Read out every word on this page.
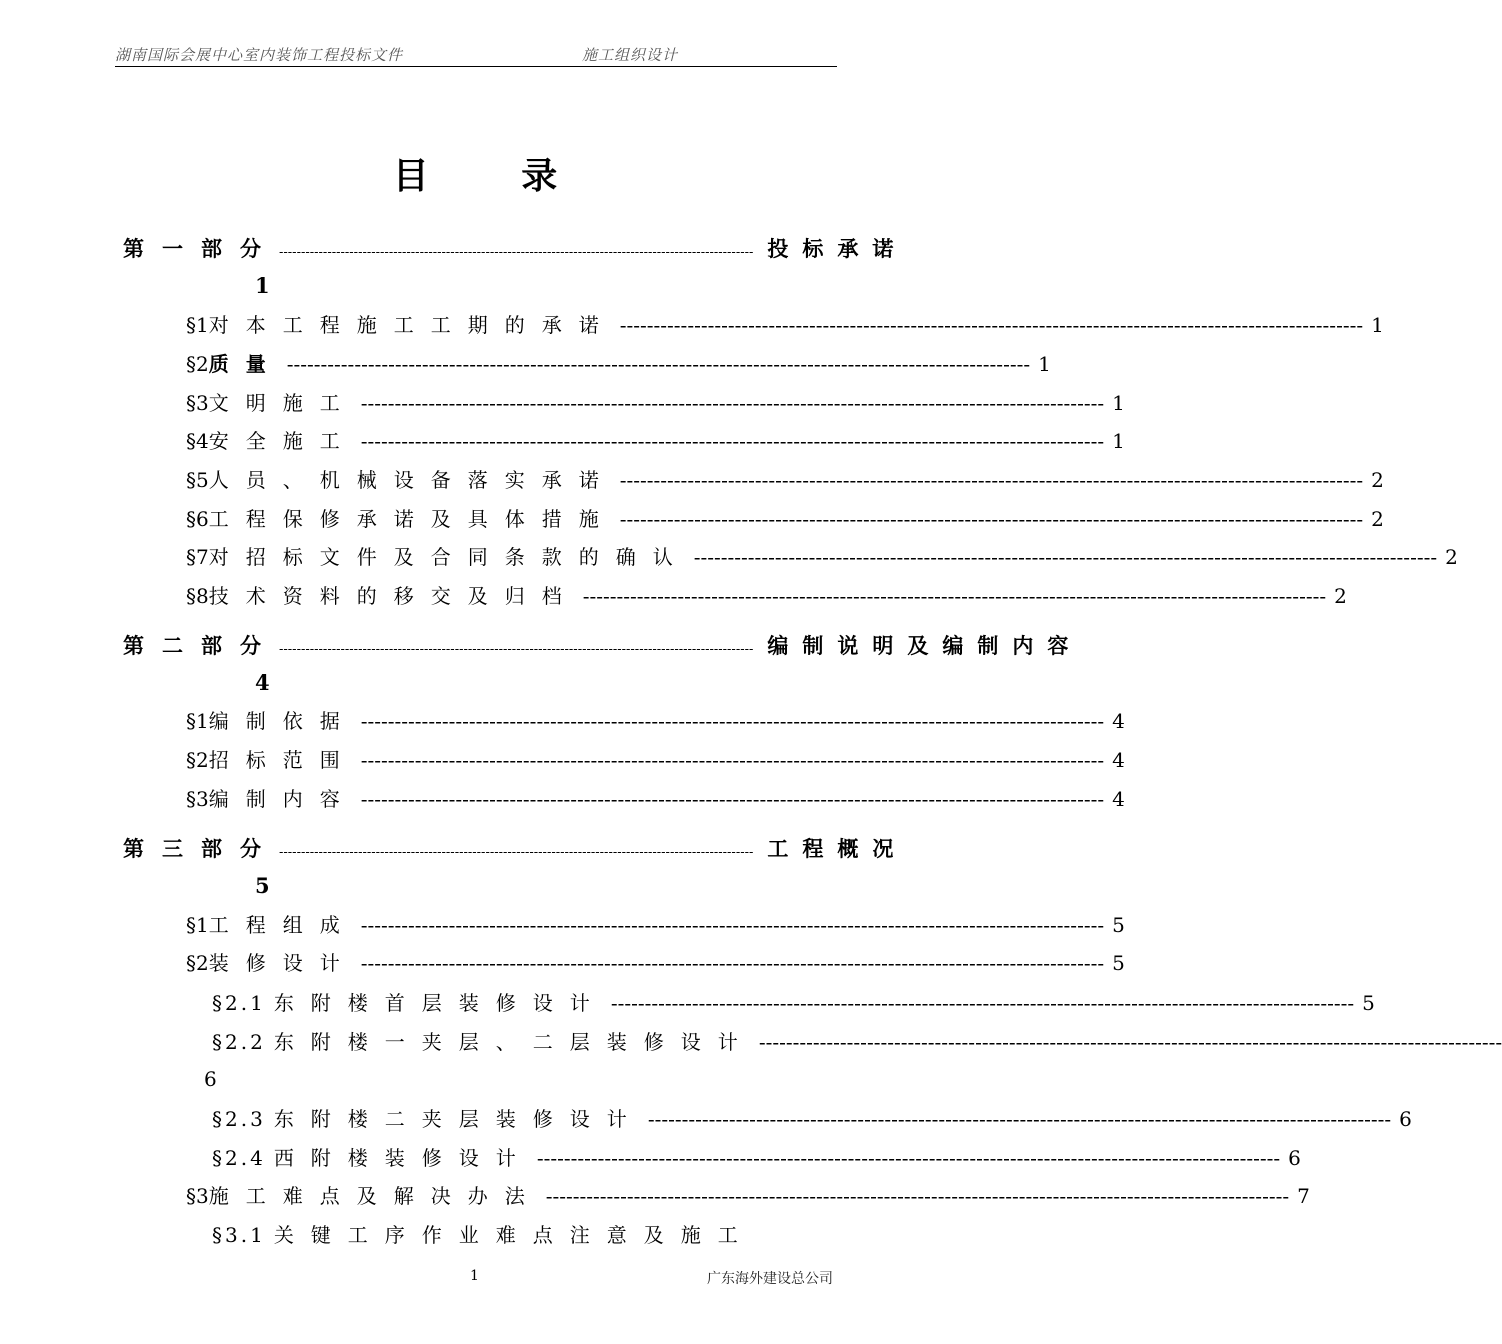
湖南国际会展中心室内装饰工程投标文件	施工组织设计
目 录
第一部分 ------------------------------------------------------------------------------------------------------------ 投标承诺
1
§1 对本工程施工工期的承诺 -------------------------------------------------------------------------------------------------------------- 1
§2 质量 -------------------------------------------------------------------------------------------------------------- 1
§3 文明施工 -------------------------------------------------------------------------------------------------------------- 1
§4 安全施工 -------------------------------------------------------------------------------------------------------------- 1
§5 人员、机械设备落实承诺 -------------------------------------------------------------------------------------------------------------- 2
§6 工程保修承诺及具体措施 -------------------------------------------------------------------------------------------------------------- 2
§7 对招标文件及合同条款的确认 -------------------------------------------------------------------------------------------------------------- 2
§8 技术资料的移交及归档 -------------------------------------------------------------------------------------------------------------- 2
第二部分 ------------------------------------------------------------------------------------------------------------ 编制说明及编制内容
4
§1 编制依据 -------------------------------------------------------------------------------------------------------------- 4
§2 招标范围 -------------------------------------------------------------------------------------------------------------- 4
§3 编制内容 -------------------------------------------------------------------------------------------------------------- 4
第三部分 ------------------------------------------------------------------------------------------------------------ 工程概况
5
§1 工程组成 -------------------------------------------------------------------------------------------------------------- 5
§2 装修设计 -------------------------------------------------------------------------------------------------------------- 5
§2.1 东附楼首层装修设计 -------------------------------------------------------------------------------------------------------------- 5
§2.2 东附楼一夹层、二层装修设计 --------------------------------------------------------------------------------------------------------------
6
§2.3 东附楼二夹层装修设计 -------------------------------------------------------------------------------------------------------------- 6
§2.4 西附楼装修设计 -------------------------------------------------------------------------------------------------------------- 6
§3 施工难点及解决办法 -------------------------------------------------------------------------------------------------------------- 7
§3.1 关键工序作业难点注意及施工
1	广东海外建设总公司
